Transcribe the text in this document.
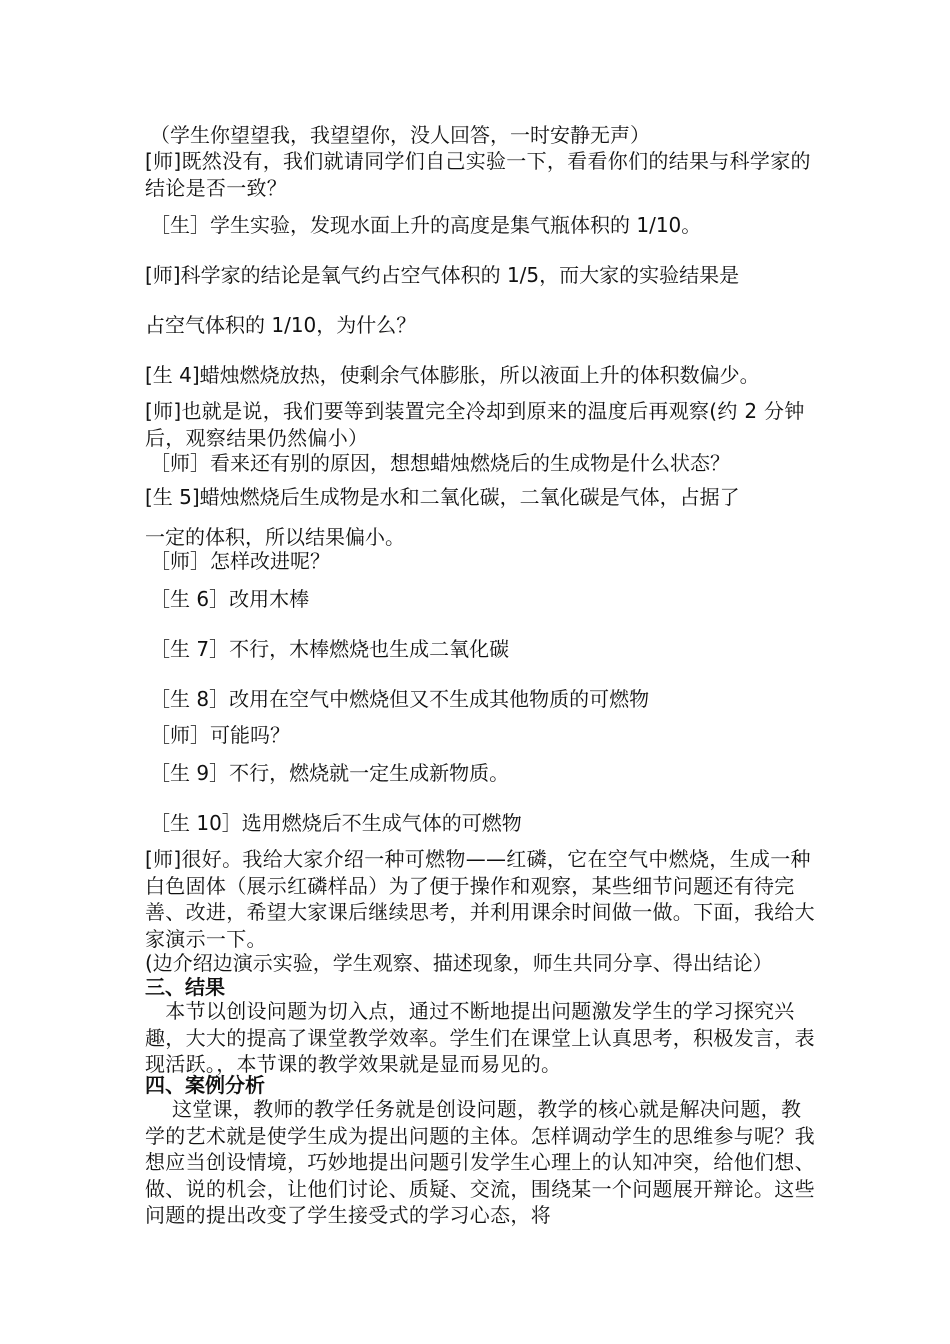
（学生你望望我，我望望你，没人回答，一时安静无声）

[师]既然没有，我们就请同学们自己实验一下，看看你们的结果与科学家的结论是否一致？

［生］学生实验，发现水面上升的高度是集气瓶体积的 1/10。

[师]科学家的结论是氧气约占空气体积的 1/5，而大家的实验结果是

占空气体积的 1/10，为什么？

[生 4]蜡烛燃烧放热，使剩余气体膨胀，所以液面上升的体积数偏少。

[师]也就是说，我们要等到装置完全冷却到原来的温度后再观察(约 2 分钟后，观察结果仍然偏小）

［师］看来还有别的原因，想想蜡烛燃烧后的生成物是什么状态？

[生 5]蜡烛燃烧后生成物是水和二氧化碳，二氧化碳是气体，占据了

一定的体积，所以结果偏小。

［师］怎样改进呢？

［生 6］改用木棒

［生 7］不行，木棒燃烧也生成二氧化碳

［生 8］改用在空气中燃烧但又不生成其他物质的可燃物

［师］可能吗？

［生 9］不行，燃烧就一定生成新物质。

［生 10］选用燃烧后不生成气体的可燃物

[师]很好。我给大家介绍一种可燃物——红磷，它在空气中燃烧，生成一种白色固体（展示红磷样品）为了便于操作和观察，某些细节问题还有待完善、改进，希望大家课后继续思考，并利用课余时间做一做。下面，我给大家演示一下。

(边介绍边演示实验，学生观察、描述现象，师生共同分享、得出结论）

三、结果

　本节以创设问题为切入点，通过不断地提出问题激发学生的学习探究兴趣，大大的提高了课堂教学效率。学生们在课堂上认真思考，积极发言，表现活跃。，本节课的教学效果就是显而易见的。

四、案例分析

　 这堂课，教师的教学任务就是创设问题，教学的核心就是解决问题，教学的艺术就是使学生成为提出问题的主体。怎样调动学生的思维参与呢？我想应当创设情境，巧妙地提出问题引发学生心理上的认知冲突，给他们想、做、说的机会，让他们讨论、质疑、交流，围绕某一个问题展开辩论。这些问题的提出改变了学生接受式的学习心态，将
